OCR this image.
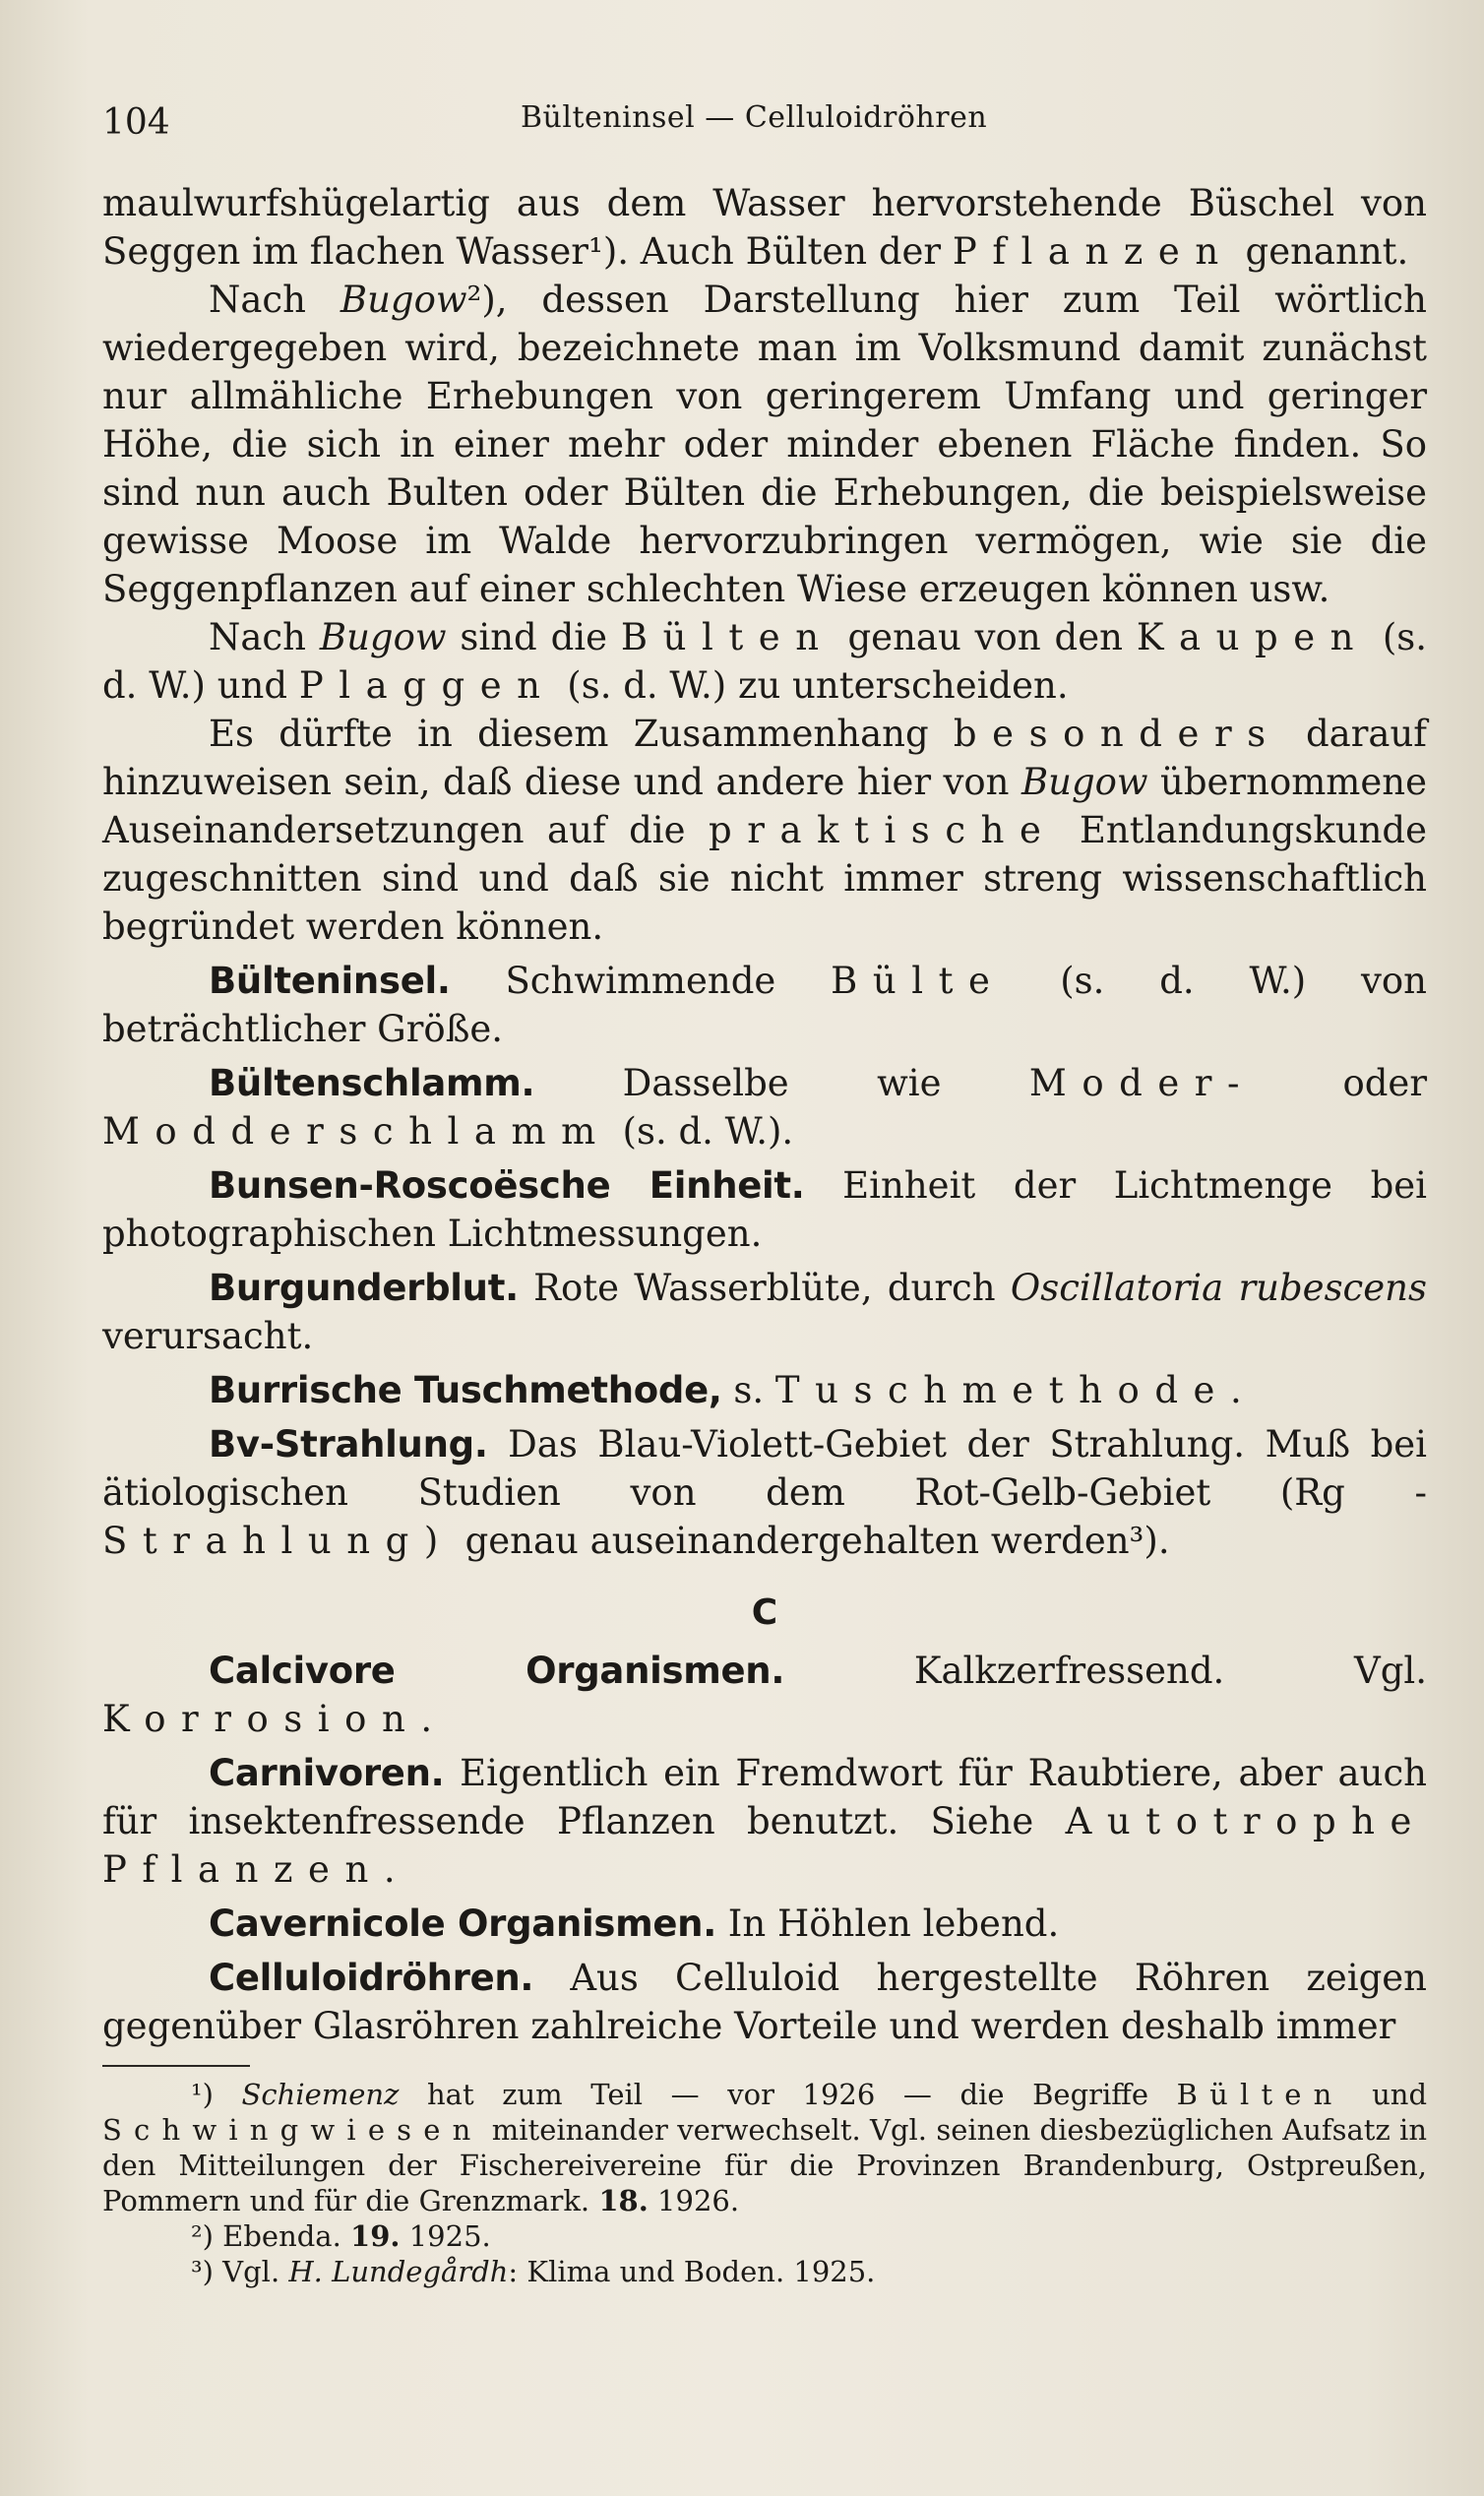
104	Bülteninsel — Celluloidröhren

maulwurfshügelartig aus dem Wasser hervorstehende Büschel von Seggen im flachen Wasser¹). Auch Bülten der Pflanzen genannt.

Nach Bugow²), dessen Darstellung hier zum Teil wörtlich wiedergegeben wird, bezeichnete man im Volksmund damit zunächst nur allmähliche Erhebungen von geringerem Umfang und geringer Höhe, die sich in einer mehr oder minder ebenen Fläche finden. So sind nun auch Bulten oder Bülten die Erhebungen, die beispielsweise gewisse Moose im Walde hervorzubringen vermögen, wie sie die Seggenpflanzen auf einer schlechten Wiese erzeugen können usw.

Nach Bugow sind die Bülten genau von den Kaupen (s. d. W.) und Plaggen (s. d. W.) zu unterscheiden.

Es dürfte in diesem Zusammenhang besonders darauf hinzuweisen sein, daß diese und andere hier von Bugow übernommene Auseinandersetzungen auf die praktische Entlandungskunde zugeschnitten sind und daß sie nicht immer streng wissenschaftlich begründet werden können.

Bülteninsel. Schwimmende Bülte (s. d. W.) von beträchtlicher Größe.

Bültenschlamm. Dasselbe wie Moder- oder Modderschlamm (s. d. W.).

Bunsen-Roscoësche Einheit. Einheit der Lichtmenge bei photographischen Lichtmessungen.

Burgunderblut. Rote Wasserblüte, durch Oscillatoria rubescens verursacht.

Burrische Tuschmethode, s. Tuschmethode.

Bv-Strahlung. Das Blau-Violett-Gebiet der Strahlung. Muß bei ätiologischen Studien von dem Rot-Gelb-Gebiet (Rg - Strahlung) genau auseinandergehalten werden³).

C

Calcivore Organismen.	Kalkzerfressend. Vgl. Korrosion.

Carnivoren. Eigentlich ein Fremdwort für Raubtiere, aber auch für insektenfressende Pflanzen benutzt. Siehe Autotrophe Pflanzen.

Cavernicole Organismen. In Höhlen lebend.

Celluloidröhren. Aus Celluloid hergestellte Röhren zeigen gegenüber Glasröhren zahlreiche Vorteile und werden deshalb immer

¹) Schiemenz hat zum Teil — vor 1926 — die Begriffe Bülten und Schwingwiesen miteinander verwechselt. Vgl. seinen diesbezüglichen Aufsatz in den Mitteilungen der Fischereivereine für die Provinzen Brandenburg, Ostpreußen, Pommern und für die Grenzmark. 18. 1926.

²) Ebenda. 19. 1925.

³) Vgl. H. Lundegårdh: Klima und Boden. 1925.
